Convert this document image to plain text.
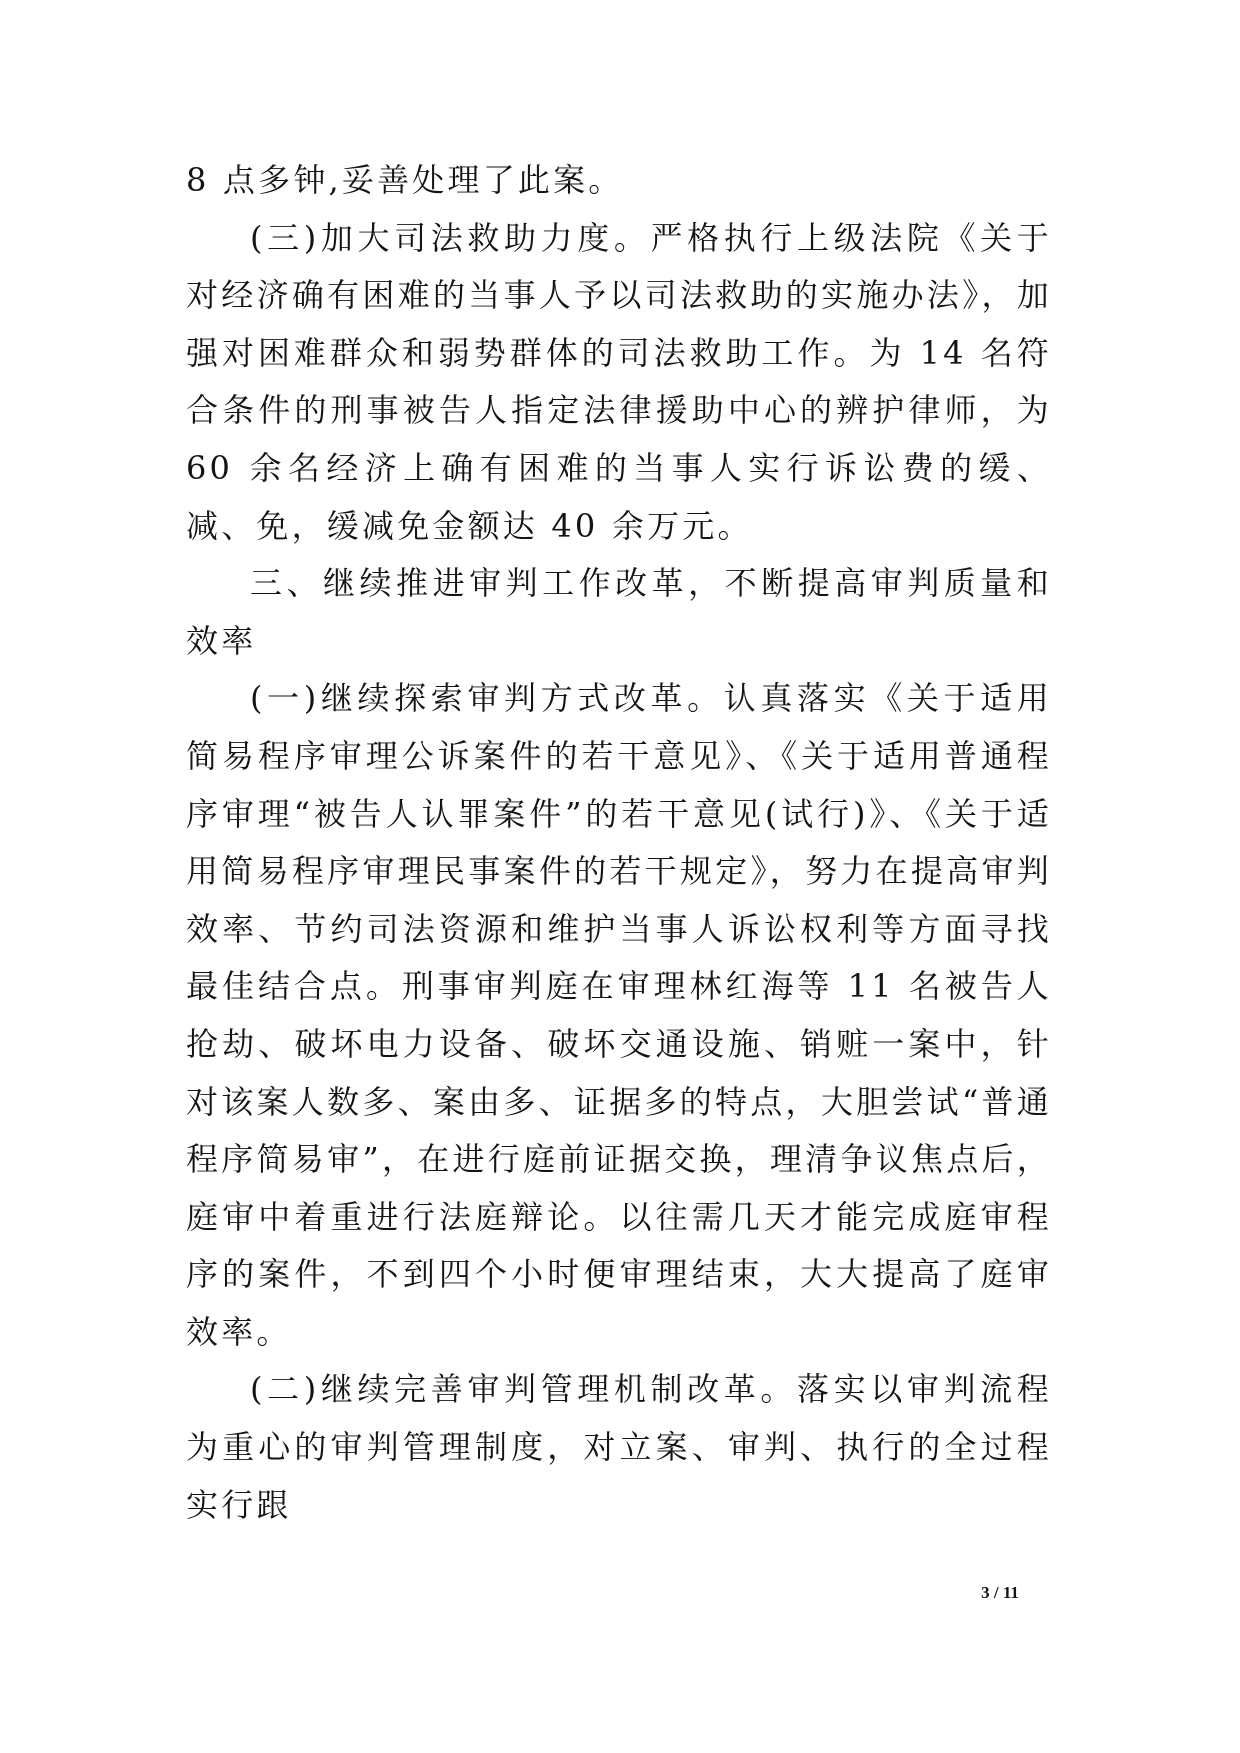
8 点多钟,妥善处理了此案。

(三)加大司法救助力度。严格执行上级法院《关于对经济确有困难的当事人予以司法救助的实施办法》，加强对困难群众和弱势群体的司法救助工作。为 14 名符合条件的刑事被告人指定法律援助中心的辨护律师，为 60 余名经济上确有困难的当事人实行诉讼费的缓、减、免，缓减免金额达 40 余万元。

三、继续推进审判工作改革，不断提高审判质量和效率

(一)继续探索审判方式改革。认真落实《关于适用简易程序审理公诉案件的若干意见》、《关于适用普通程序审理“被告人认罪案件”的若干意见(试行)》、《关于适用简易程序审理民事案件的若干规定》，努力在提高审判效率、节约司法资源和维护当事人诉讼权利等方面寻找最佳结合点。刑事审判庭在审理林红海等 11 名被告人抢劫、破坏电力设备、破坏交通设施、销赃一案中，针对该案人数多、案由多、证据多的特点，大胆尝试“普通程序简易审”，在进行庭前证据交换，理清争议焦点后，庭审中着重进行法庭辩论。以往需几天才能完成庭审程序的案件，不到四个小时便审理结束，大大提高了庭审效率。

(二)继续完善审判管理机制改革。落实以审判流程为重心的审判管理制度，对立案、审判、执行的全过程实行跟

3 / 11
